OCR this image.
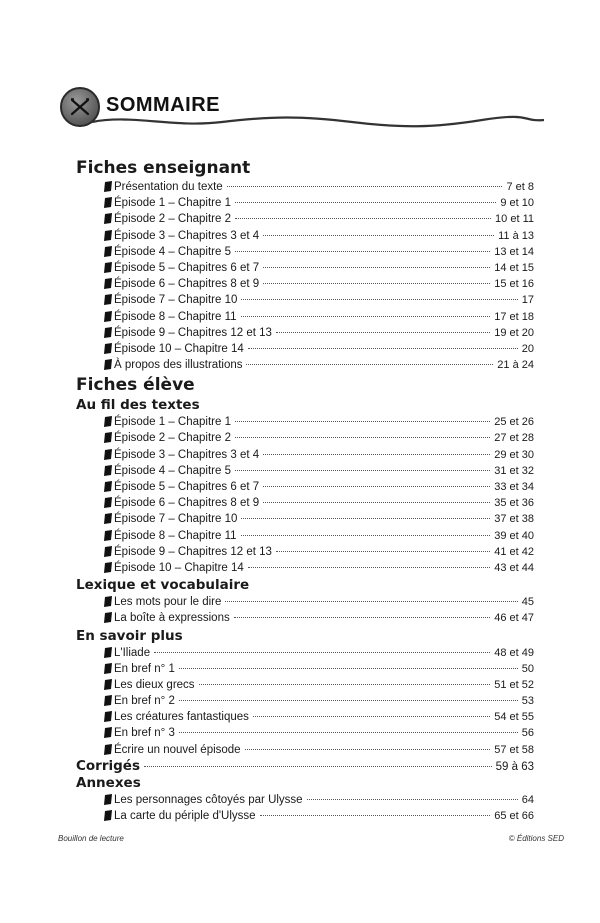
SOMMAIRE
Fiches enseignant
Présentation du texte	7 et 8
Épisode 1 – Chapitre 1	9 et 10
Épisode 2 – Chapitre 2	10 et 11
Épisode 3 – Chapitres 3 et 4	11 à 13
Épisode 4 – Chapitre 5	13 et 14
Épisode 5 – Chapitres 6 et 7	14 et 15
Épisode 6 – Chapitres 8 et 9	15 et 16
Épisode 7 – Chapitre 10	17
Épisode 8 – Chapitre 11	17 et 18
Épisode 9 – Chapitres 12 et 13	19 et 20
Épisode 10 – Chapitre 14	20
À propos des illustrations	21 à 24
Fiches élève
Au fil des textes
Épisode 1 – Chapitre 1	25 et 26
Épisode 2 – Chapitre 2	27 et 28
Épisode 3 – Chapitres 3 et 4	29 et 30
Épisode 4 – Chapitre 5	31 et 32
Épisode 5 – Chapitres 6 et 7	33 et 34
Épisode 6 – Chapitres 8 et 9	35 et 36
Épisode 7 – Chapitre 10	37 et 38
Épisode 8 – Chapitre 11	39 et 40
Épisode 9 – Chapitres 12 et 13	41 et 42
Épisode 10 – Chapitre 14	43 et 44
Lexique et vocabulaire
Les mots pour le dire	45
La boîte à expressions	46 et 47
En savoir plus
L'Iliade	48 et 49
En bref n° 1	50
Les dieux grecs	51 et 52
En bref n° 2	53
Les créatures fantastiques	54 et 55
En bref n° 3	56
Écrire un nouvel épisode	57 et 58
Corrigés	59 à 63
Annexes
Les personnages côtoyés par Ulysse	64
La carte du périple d'Ulysse	65 et 66
Bouillon de lecture	© Éditions SED
